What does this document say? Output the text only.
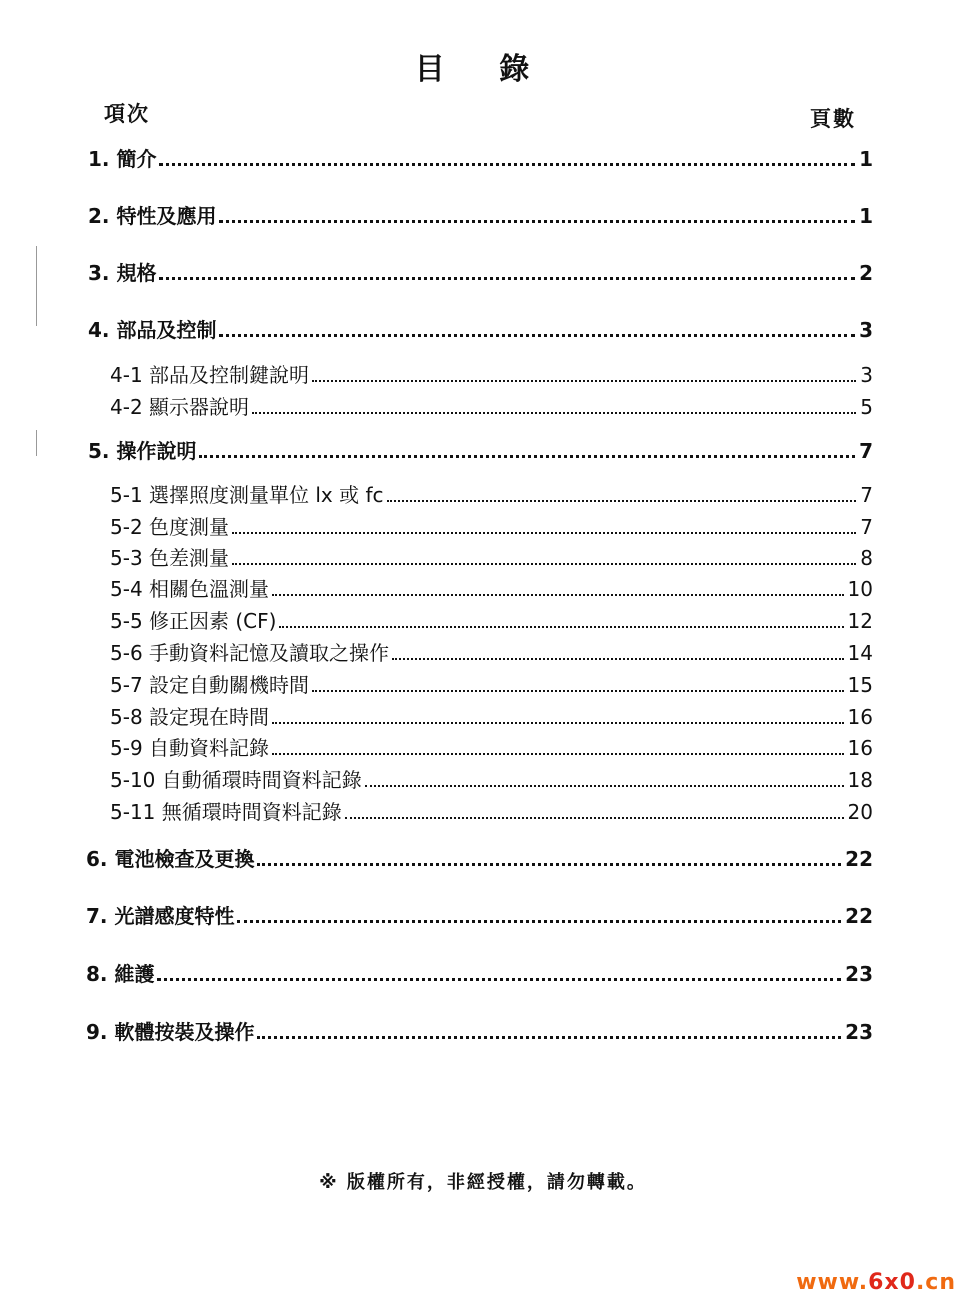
目 錄
項次	頁數
1. 簡介	1
2. 特性及應用	1
3. 規格	2
4. 部品及控制	3
4-1 部品及控制鍵說明	3
4-2 顯示器說明	5
5. 操作說明	7
5-1 選擇照度測量單位 lx 或 fc	7
5-2 色度測量	7
5-3 色差測量	8
5-4 相關色溫測量	10
5-5 修正因素 (CF)	12
5-6 手動資料記憶及讀取之操作	14
5-7 設定自動關機時間	15
5-8 設定現在時間	16
5-9 自動資料記錄	16
5-10 自動循環時間資料記錄	18
5-11 無循環時間資料記錄	20
6. 電池檢查及更換	22
7. 光譜感度特性	22
8. 維護	23
9. 軟體按裝及操作	23
※ 版權所有，非經授權，請勿轉載。
www.6x0.cn
